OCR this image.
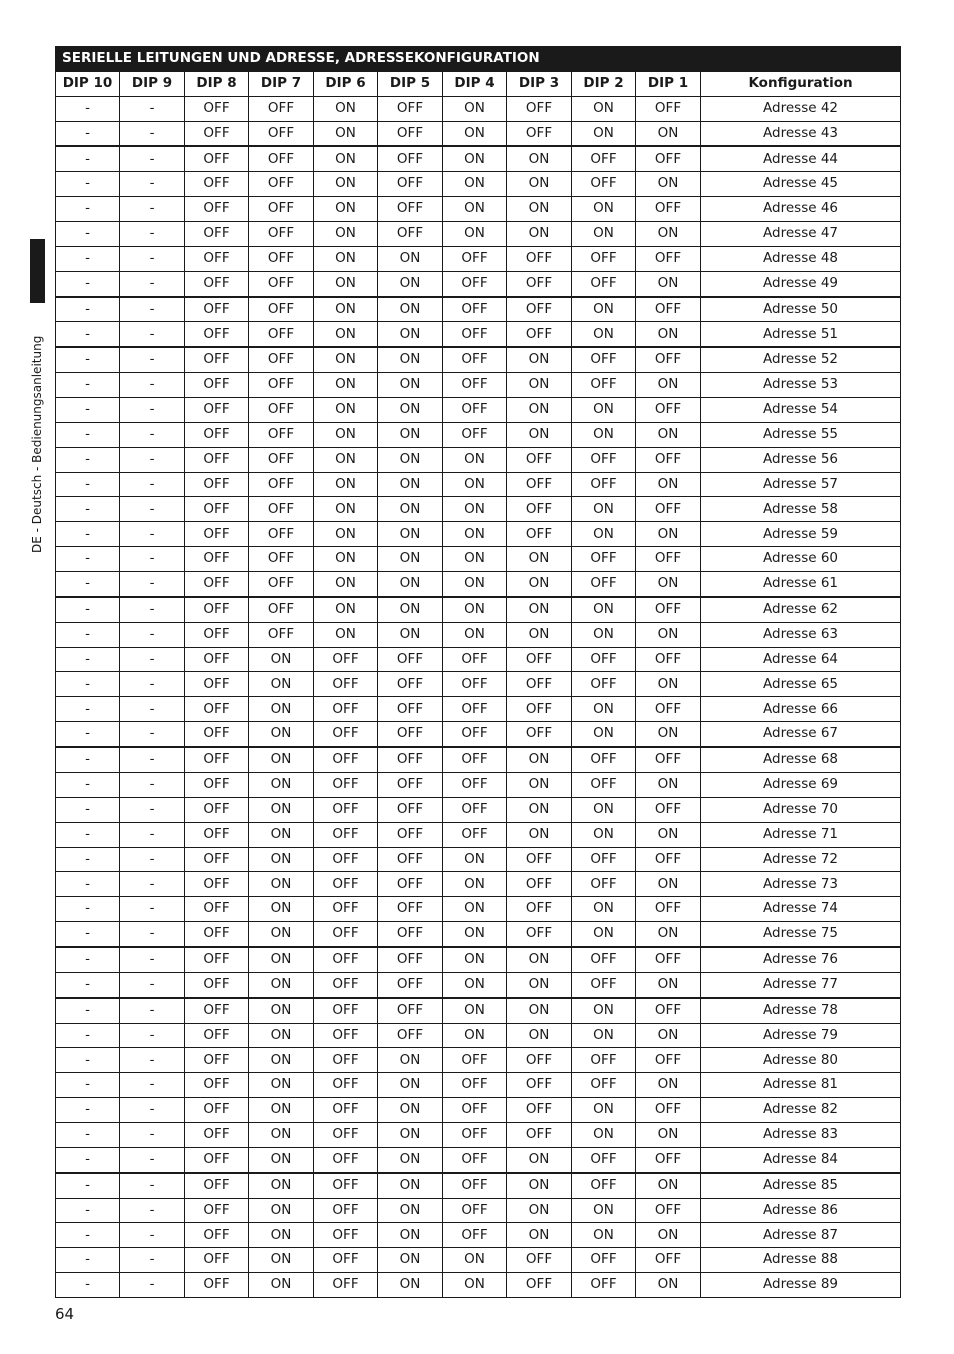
DE - Deutsch - Bedienungsanleitung
SERIELLE LEITUNGEN UND ADRESSE, ADRESSEKONFIGURATION										
DIP 10	DIP 9	DIP 8	DIP 7	DIP 6	DIP 5	DIP 4	DIP 3	DIP 2	DIP 1	Konfiguration
-	-	OFF	OFF	ON	OFF	ON	OFF	ON	OFF	Adresse 42
-	-	OFF	OFF	ON	OFF	ON	OFF	ON	ON	Adresse 43
-	-	OFF	OFF	ON	OFF	ON	ON	OFF	OFF	Adresse 44
-	-	OFF	OFF	ON	OFF	ON	ON	OFF	ON	Adresse 45
-	-	OFF	OFF	ON	OFF	ON	ON	ON	OFF	Adresse 46
-	-	OFF	OFF	ON	OFF	ON	ON	ON	ON	Adresse 47
-	-	OFF	OFF	ON	ON	OFF	OFF	OFF	OFF	Adresse 48
-	-	OFF	OFF	ON	ON	OFF	OFF	OFF	ON	Adresse 49
-	-	OFF	OFF	ON	ON	OFF	OFF	ON	OFF	Adresse 50
-	-	OFF	OFF	ON	ON	OFF	OFF	ON	ON	Adresse 51
-	-	OFF	OFF	ON	ON	OFF	ON	OFF	OFF	Adresse 52
-	-	OFF	OFF	ON	ON	OFF	ON	OFF	ON	Adresse 53
-	-	OFF	OFF	ON	ON	OFF	ON	ON	OFF	Adresse 54
-	-	OFF	OFF	ON	ON	OFF	ON	ON	ON	Adresse 55
-	-	OFF	OFF	ON	ON	ON	OFF	OFF	OFF	Adresse 56
-	-	OFF	OFF	ON	ON	ON	OFF	OFF	ON	Adresse 57
-	-	OFF	OFF	ON	ON	ON	OFF	ON	OFF	Adresse 58
-	-	OFF	OFF	ON	ON	ON	OFF	ON	ON	Adresse 59
-	-	OFF	OFF	ON	ON	ON	ON	OFF	OFF	Adresse 60
-	-	OFF	OFF	ON	ON	ON	ON	OFF	ON	Adresse 61
-	-	OFF	OFF	ON	ON	ON	ON	ON	OFF	Adresse 62
-	-	OFF	OFF	ON	ON	ON	ON	ON	ON	Adresse 63
-	-	OFF	ON	OFF	OFF	OFF	OFF	OFF	OFF	Adresse 64
-	-	OFF	ON	OFF	OFF	OFF	OFF	OFF	ON	Adresse 65
-	-	OFF	ON	OFF	OFF	OFF	OFF	ON	OFF	Adresse 66
-	-	OFF	ON	OFF	OFF	OFF	OFF	ON	ON	Adresse 67
-	-	OFF	ON	OFF	OFF	OFF	ON	OFF	OFF	Adresse 68
-	-	OFF	ON	OFF	OFF	OFF	ON	OFF	ON	Adresse 69
-	-	OFF	ON	OFF	OFF	OFF	ON	ON	OFF	Adresse 70
-	-	OFF	ON	OFF	OFF	OFF	ON	ON	ON	Adresse 71
-	-	OFF	ON	OFF	OFF	ON	OFF	OFF	OFF	Adresse 72
-	-	OFF	ON	OFF	OFF	ON	OFF	OFF	ON	Adresse 73
-	-	OFF	ON	OFF	OFF	ON	OFF	ON	OFF	Adresse 74
-	-	OFF	ON	OFF	OFF	ON	OFF	ON	ON	Adresse 75
-	-	OFF	ON	OFF	OFF	ON	ON	OFF	OFF	Adresse 76
-	-	OFF	ON	OFF	OFF	ON	ON	OFF	ON	Adresse 77
-	-	OFF	ON	OFF	OFF	ON	ON	ON	OFF	Adresse 78
-	-	OFF	ON	OFF	OFF	ON	ON	ON	ON	Adresse 79
-	-	OFF	ON	OFF	ON	OFF	OFF	OFF	OFF	Adresse 80
-	-	OFF	ON	OFF	ON	OFF	OFF	OFF	ON	Adresse 81
-	-	OFF	ON	OFF	ON	OFF	OFF	ON	OFF	Adresse 82
-	-	OFF	ON	OFF	ON	OFF	OFF	ON	ON	Adresse 83
-	-	OFF	ON	OFF	ON	OFF	ON	OFF	OFF	Adresse 84
-	-	OFF	ON	OFF	ON	OFF	ON	OFF	ON	Adresse 85
-	-	OFF	ON	OFF	ON	OFF	ON	ON	OFF	Adresse 86
-	-	OFF	ON	OFF	ON	OFF	ON	ON	ON	Adresse 87
-	-	OFF	ON	OFF	ON	ON	OFF	OFF	OFF	Adresse 88
-	-	OFF	ON	OFF	ON	ON	OFF	OFF	ON	Adresse 89
64
